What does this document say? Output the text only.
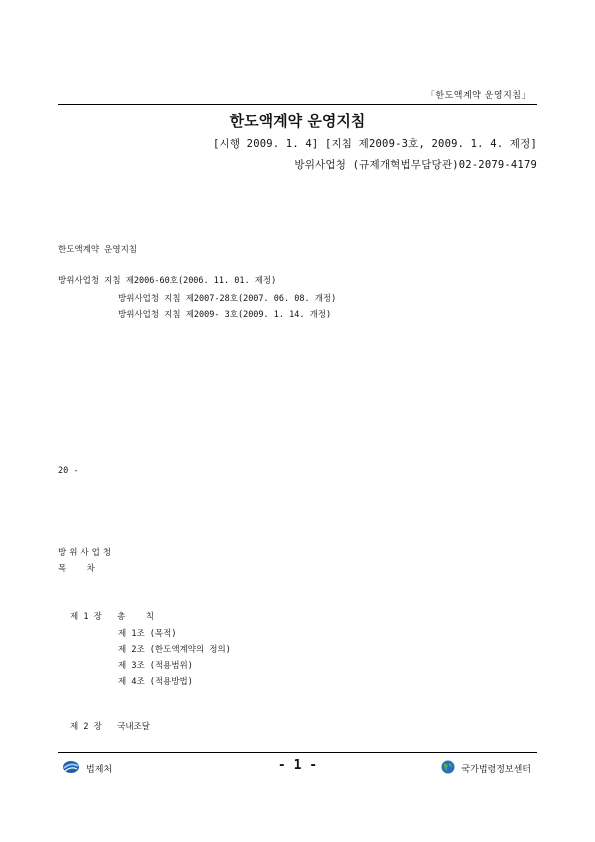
「한도액계약 운영지침」
한도액계약 운영지침
[시행 2009. 1. 4] [지침 제2009-3호, 2009. 1. 4. 제정]
방위사업청 (규제개혁법무담당관)02-2079-4179
한도액계약 운영지침
방위사업청 지침 제2006-60호(2006. 11. 01. 제정)
방위사업청 지침 제2007-28호(2007. 06. 08. 개정)
방위사업청 지침 제2009- 3호(2009. 1. 14. 개정)
20 -
방위사업청
목    차
제 1 장   총    칙
제 1조 (목적)
제 2조 (한도액계약의 정의)
제 3조 (적용범위)
제 4조 (적용방법)
제 2 장   국내조달
법제처	- 1 -	국가법령정보센터
